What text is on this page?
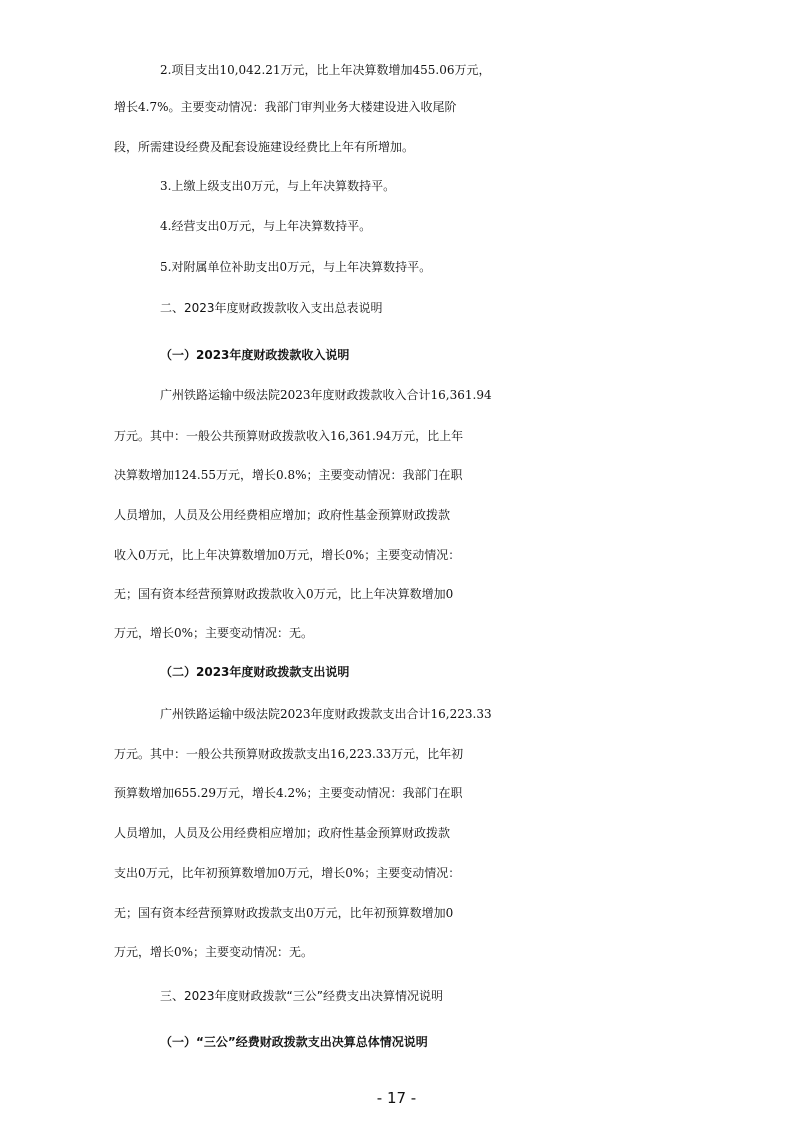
2.项目支出10,042.21万元，比上年决算数增加455.06万元，
增长4.7%。主要变动情况：我部门审判业务大楼建设进入收尾阶
段，所需建设经费及配套设施建设经费比上年有所增加。
3.上缴上级支出0万元，与上年决算数持平。
4.经营支出0万元，与上年决算数持平。
5.对附属单位补助支出0万元，与上年决算数持平。
二、2023年度财政拨款收入支出总表说明
（一）2023年度财政拨款收入说明
广州铁路运输中级法院2023年度财政拨款收入合计16,361.94
万元。其中：一般公共预算财政拨款收入16,361.94万元，比上年
决算数增加124.55万元，增长0.8%；主要变动情况：我部门在职
人员增加，人员及公用经费相应增加；政府性基金预算财政拨款
收入0万元，比上年决算数增加0万元，增长0%；主要变动情况：
无；国有资本经营预算财政拨款收入0万元，比上年决算数增加0
万元，增长0%；主要变动情况：无。
（二）2023年度财政拨款支出说明
广州铁路运输中级法院2023年度财政拨款支出合计16,223.33
万元。其中：一般公共预算财政拨款支出16,223.33万元，比年初
预算数增加655.29万元，增长4.2%；主要变动情况：我部门在职
人员增加，人员及公用经费相应增加；政府性基金预算财政拨款
支出0万元，比年初预算数增加0万元，增长0%；主要变动情况：
无；国有资本经营预算财政拨款支出0万元，比年初预算数增加0
万元，增长0%；主要变动情况：无。
三、2023年度财政拨款“三公”经费支出决算情况说明
（一）“三公”经费财政拨款支出决算总体情况说明
- 17 -
